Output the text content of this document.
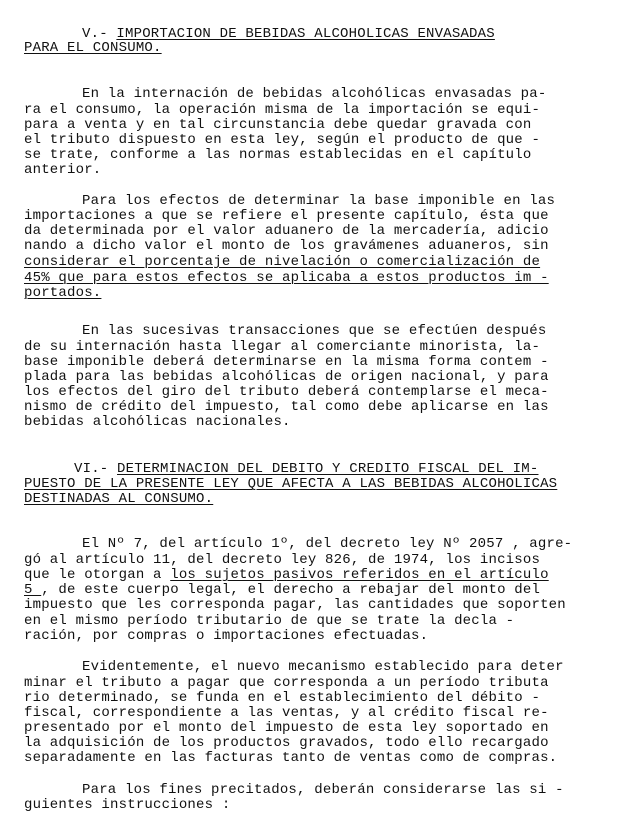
V.- IMPORTACION DE BEBIDAS ALCOHOLICAS ENVASADAS
PARA EL CONSUMO.
En la internación de bebidas alcohólicas envasadas pa-
ra el consumo, la operación misma de la importación se equi-
para a venta y en tal circunstancia debe quedar gravada con
el tributo dispuesto en esta ley, según el producto de que -
se trate, conforme a las normas establecidas en el capítulo
anterior.
Para los efectos de determinar la base imponible en las
importaciones a que se refiere el presente capítulo, ésta que
da determinada por el valor aduanero de la mercadería, adicio
nando a dicho valor el monto de los gravámenes aduaneros, sin
considerar el porcentaje de nivelación o comercialización de
45% que para estos efectos se aplicaba a estos productos im -
portados.
En las sucesivas transacciones que se efectúen después
de su internación hasta llegar al comerciante minorista, la-
base imponible deberá determinarse en la misma forma contem -
plada para las bebidas alcohólicas de origen nacional, y para
los efectos del giro del tributo deberá contemplarse el meca-
nismo de crédito del impuesto, tal como debe aplicarse en las
bebidas alcohólicas nacionales.
VI.- DETERMINACION DEL DEBITO Y CREDITO FISCAL DEL IM-
PUESTO DE LA PRESENTE LEY QUE AFECTA A LAS BEBIDAS ALCOHOLICAS
DESTINADAS AL CONSUMO.
El Nº 7, del artículo 1º, del decreto ley Nº 2057 , agre-
gó al artículo 11, del decreto ley 826, de 1974, los incisos
que le otorgan a los sujetos pasivos referidos en el artículo
5 , de este cuerpo legal, el derecho a rebajar del monto del
impuesto que les corresponda pagar, las cantidades que soporten
en el mismo período tributario de que se trate la decla -
ración, por compras o importaciones efectuadas.
Evidentemente, el nuevo mecanismo establecido para deter
minar el tributo a pagar que corresponda a un período tributa
rio determinado, se funda en el establecimiento del débito -
fiscal, correspondiente a las ventas, y al crédito fiscal re-
presentado por el monto del impuesto de esta ley soportado en
la adquisición de los productos gravados, todo ello recargado
separadamente en las facturas tanto de ventas como de compras.
Para los fines precitados, deberán considerarse las si -
guientes instrucciones :
